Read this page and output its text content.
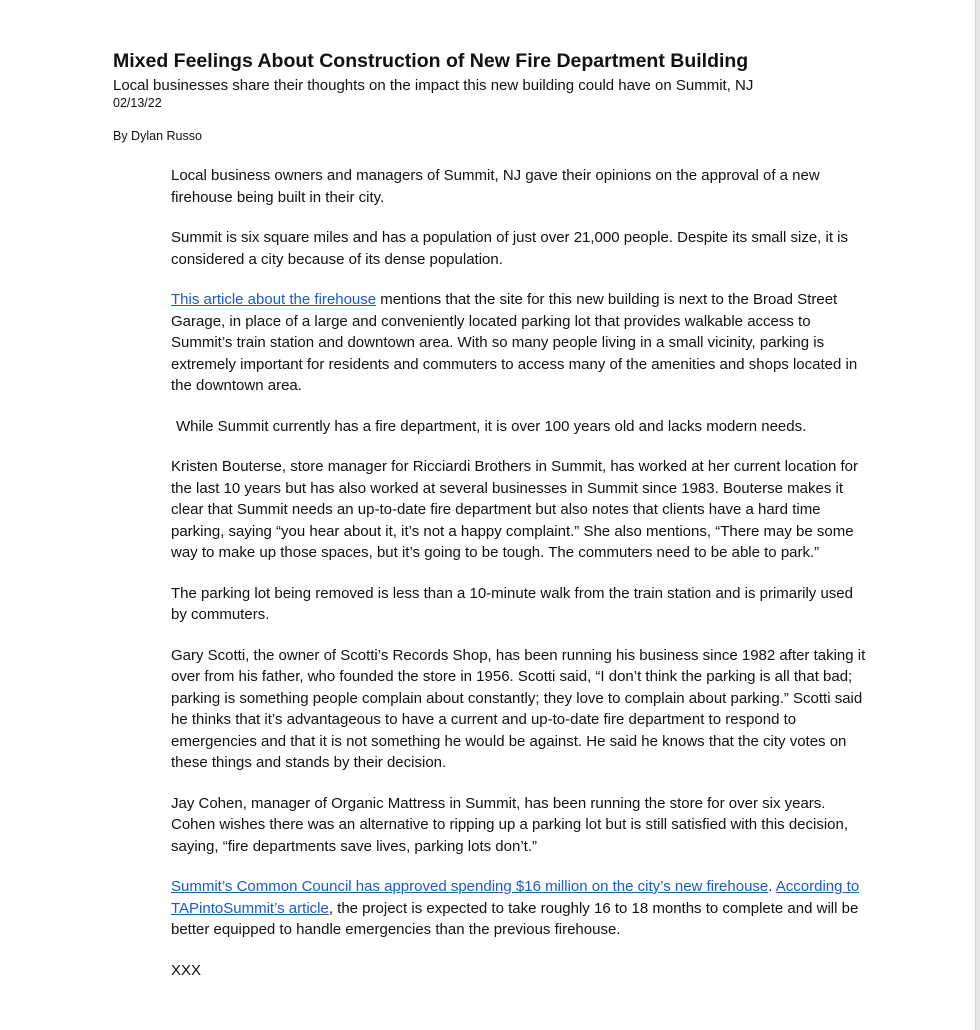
Mixed Feelings About Construction of New Fire Department Building
Local businesses share their thoughts on the impact this new building could have on Summit, NJ
02/13/22
By Dylan Russo

Local business owners and managers of Summit, NJ gave their opinions on the approval of a new firehouse being built in their city.

Summit is six square miles and has a population of just over 21,000 people. Despite its small size, it is considered a city because of its dense population.

This article about the firehouse mentions that the site for this new building is next to the Broad Street Garage, in place of a large and conveniently located parking lot that provides walkable access to Summit’s train station and downtown area. With so many people living in a small vicinity, parking is extremely important for residents and commuters to access many of the amenities and shops located in the downtown area.

While Summit currently has a fire department, it is over 100 years old and lacks modern needs.

Kristen Bouterse, store manager for Ricciardi Brothers in Summit, has worked at her current location for the last 10 years but has also worked at several businesses in Summit since 1983. Bouterse makes it clear that Summit needs an up-to-date fire department but also notes that clients have a hard time parking, saying “you hear about it, it’s not a happy complaint.” She also mentions, “There may be some way to make up those spaces, but it’s going to be tough. The commuters need to be able to park.”

The parking lot being removed is less than a 10-minute walk from the train station and is primarily used by commuters.

Gary Scotti, the owner of Scotti’s Records Shop, has been running his business since 1982 after taking it over from his father, who founded the store in 1956. Scotti said, “I don’t think the parking is all that bad; parking is something people complain about constantly; they love to complain about parking.” Scotti said he thinks that it’s advantageous to have a current and up-to-date fire department to respond to emergencies and that it is not something he would be against. He said he knows that the city votes on these things and stands by their decision.

Jay Cohen, manager of Organic Mattress in Summit, has been running the store for over six years. Cohen wishes there was an alternative to ripping up a parking lot but is still satisfied with this decision, saying, “fire departments save lives, parking lots don’t.”

Summit’s Common Council has approved spending $16 million on the city’s new firehouse. According to TAPintoSummit’s article, the project is expected to take roughly 16 to 18 months to complete and will be better equipped to handle emergencies than the previous firehouse.

XXX
